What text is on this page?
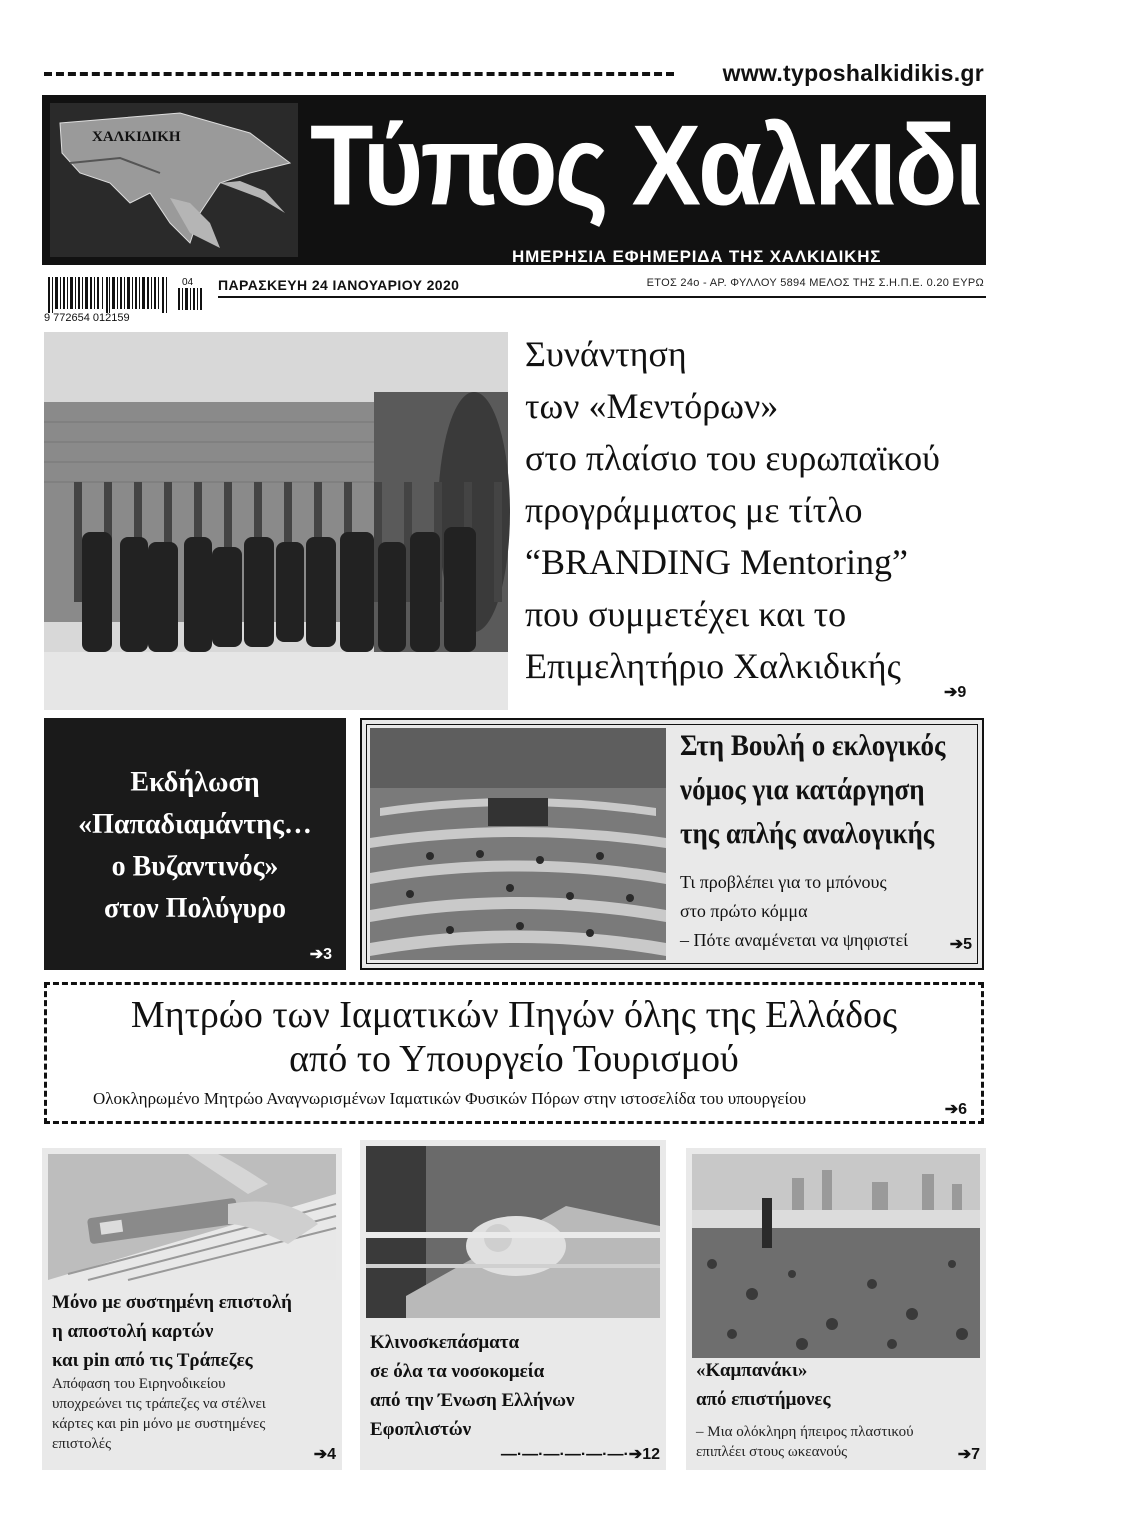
www.typoshalkidikis.gr
ΧΑΛΚΙΔΙΚΗ Τύπος Χαλκιδικής
ΗΜΕΡΗΣΙΑ ΕΦΗΜΕΡΙΔΑ ΤΗΣ ΧΑΛΚΙΔΙΚΗΣ
9 772654 012159
04 ΠΑΡΑΣΚΕΥΗ 24 ΙΑΝΟΥΑΡΙΟΥ 2020	ΕΤΟΣ 24ο - ΑΡ. ΦΥΛΛΟΥ 5894 ΜΕΛΟΣ ΤΗΣ Σ.Η.Π.Ε. 0.20 ΕΥΡΩ
Συνάντηση
των «Μεντόρων»
στο πλαίσιο του ευρωπαϊκού
προγράμματος με τίτλο
“BRANDING Mentoring”
που συμμετέχει και το
Επιμελητήριο Χαλκιδικής
➔9
Εκδήλωση
«Παπαδιαμάντης…
ο Βυζαντινός»
στον Πολύγυρο
➔3
Στη Βουλή ο εκλογικός
νόμος για κατάργηση
της απλής αναλογικής
Τι προβλέπει για το μπόνους
στο πρώτο κόμμα
– Πότε αναμένεται να ψηφιστεί	➔5
Μητρώο των Ιαματικών Πηγών όλης της Ελλάδος
από το Υπουργείο Τουρισμού
Ολοκληρωμένο Μητρώο Αναγνωρισμένων Ιαματικών Φυσικών Πόρων στην ιστοσελίδα του υπουργείου
➔6
Μόνο με συστημένη επιστολή
η αποστολή καρτών
και pin από τις Τράπεζες
Απόφαση του Ειρηνοδικείου
υποχρεώνει τις τράπεζες να στέλνει
κάρτες και pin μόνο με συστημένες
επιστολές
➔4
Κλινοσκεπάσματα
σε όλα τα νοσοκομεία
από την Ένωση Ελλήνων
Εφοπλιστών
—·—·—·—·—·—·➔12
«Καμπανάκι»
από επιστήμονες
– Μια ολόκληρη ήπειρος πλαστικού
επιπλέει στους ωκεανούς	➔7
